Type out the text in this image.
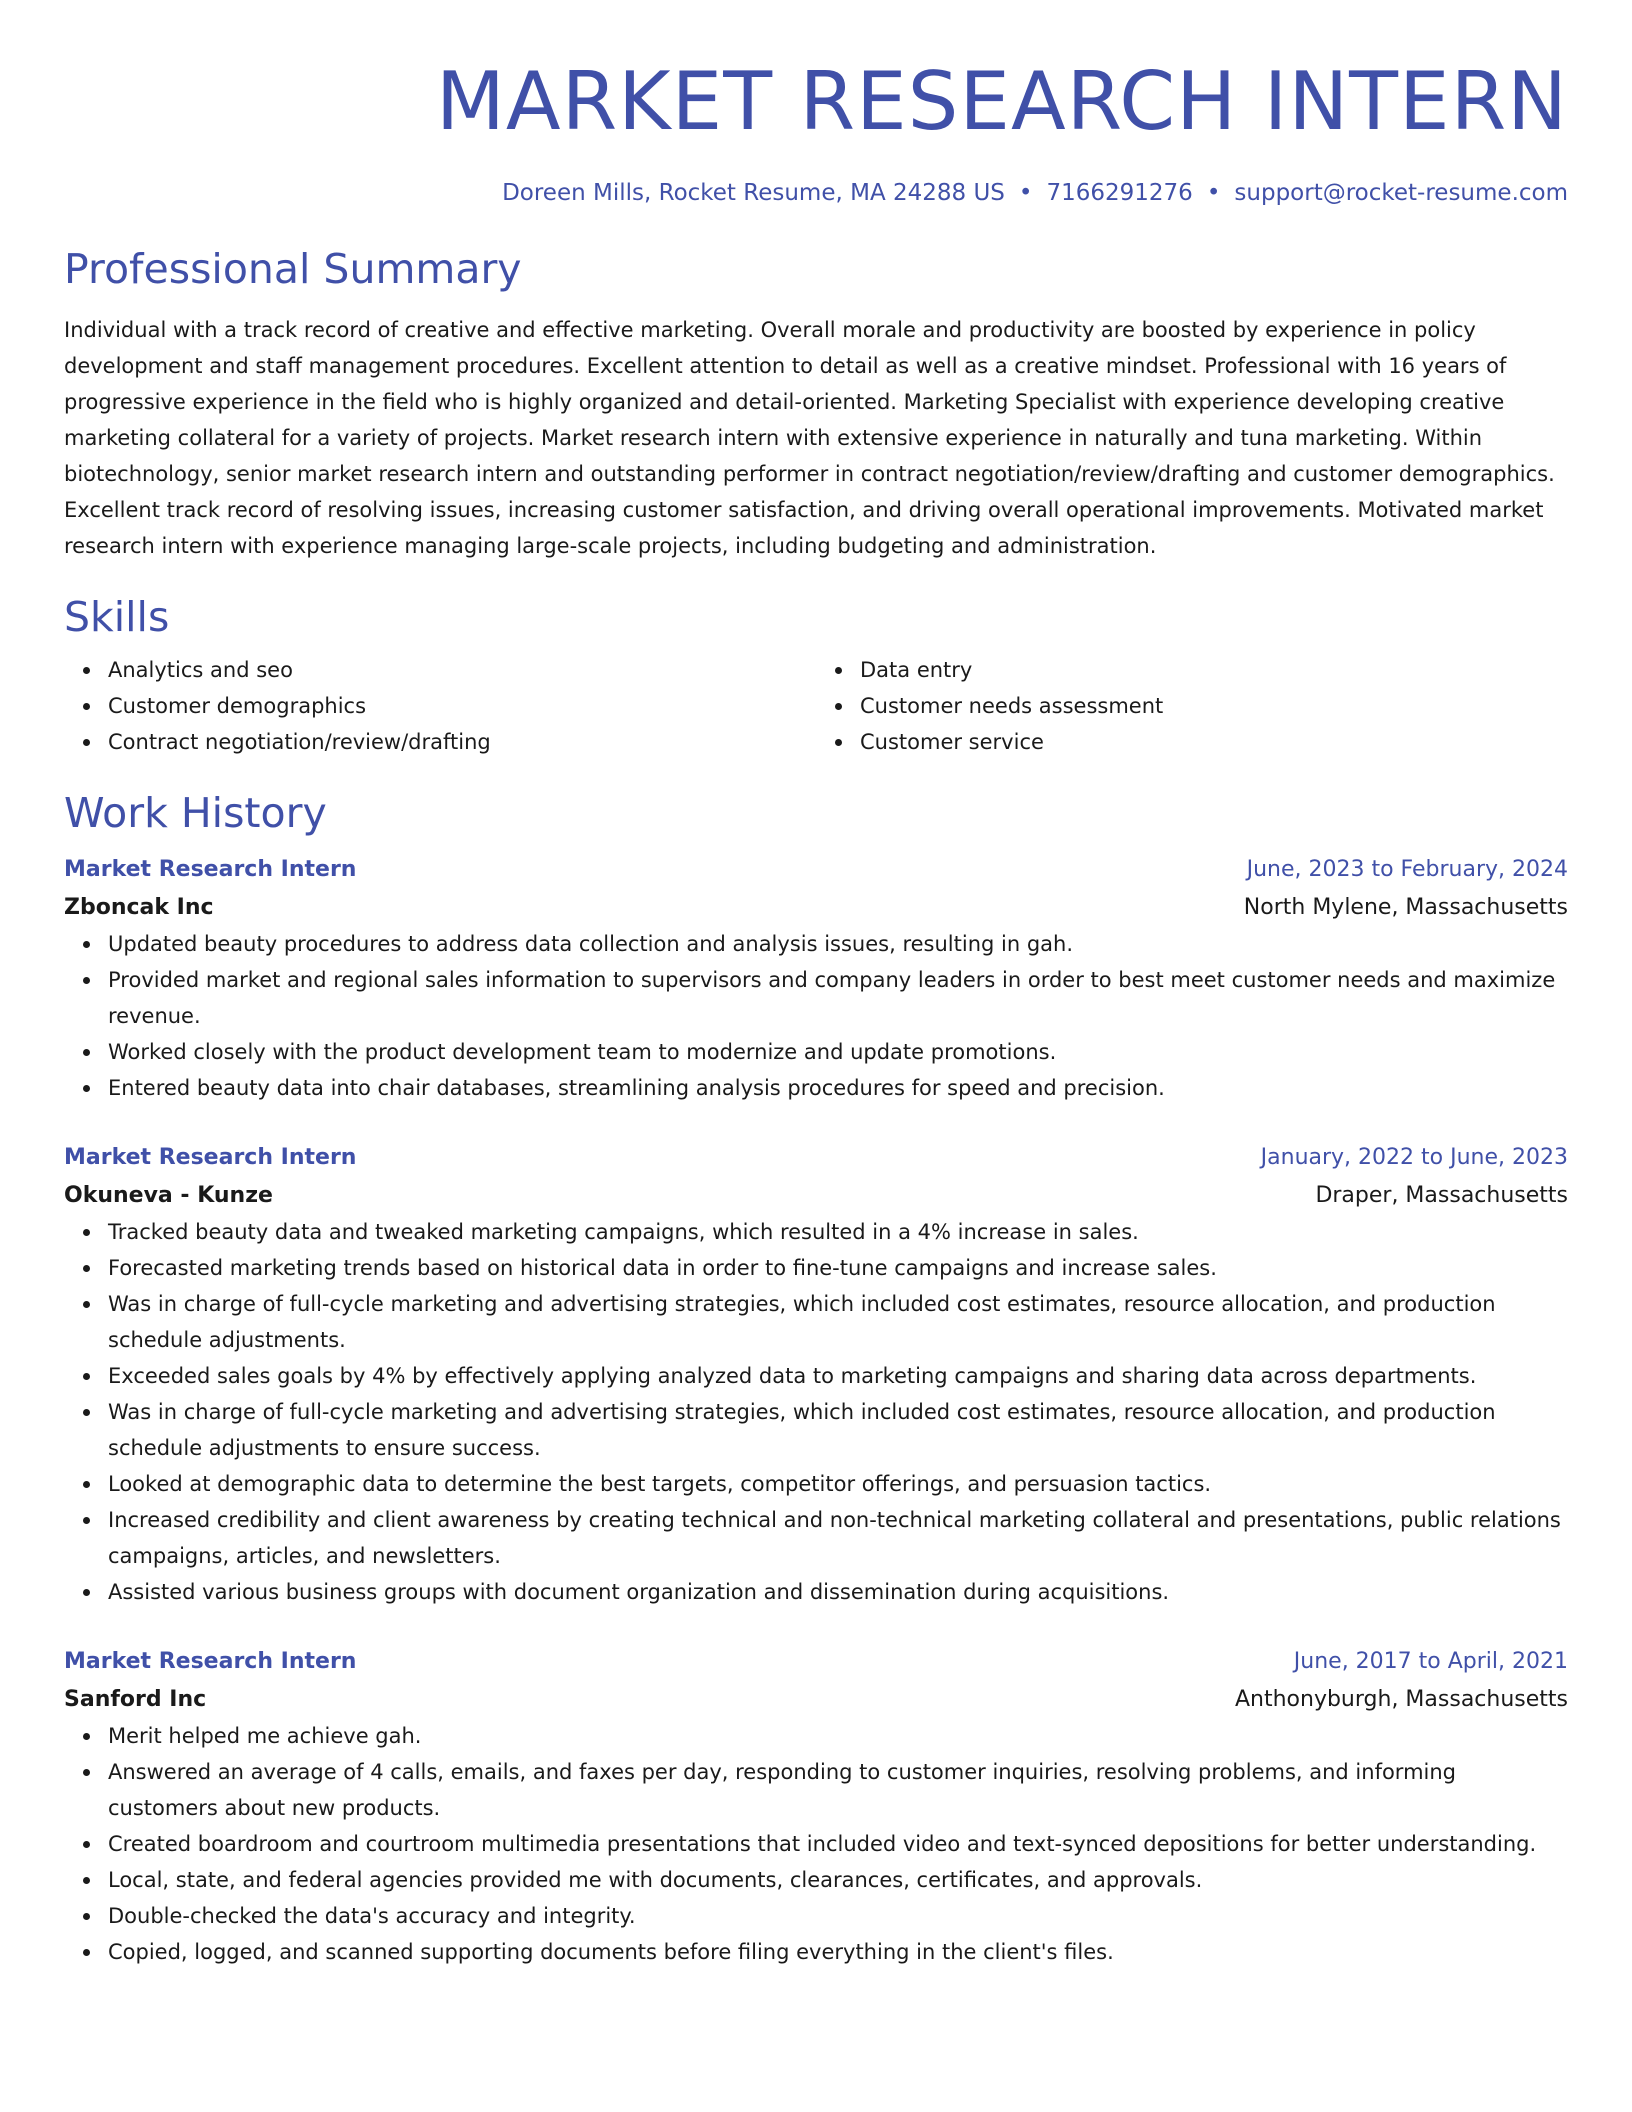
MARKET RESEARCH INTERN
Doreen Mills, Rocket Resume, MA 24288 US • 7166291276 • support@rocket-resume.com
Professional Summary
Individual with a track record of creative and effective marketing. Overall morale and productivity are boosted by experience in policy development and staff management procedures. Excellent attention to detail as well as a creative mindset. Professional with 16 years of progressive experience in the field who is highly organized and detail-oriented. Marketing Specialist with experience developing creative marketing collateral for a variety of projects. Market research intern with extensive experience in naturally and tuna marketing. Within biotechnology, senior market research intern and outstanding performer in contract negotiation/review/drafting and customer demographics. Excellent track record of resolving issues, increasing customer satisfaction, and driving overall operational improvements. Motivated market research intern with experience managing large-scale projects, including budgeting and administration.
Skills
Analytics and seo
Customer demographics
Contract negotiation/review/drafting
Data entry
Customer needs assessment
Customer service
Work History
Market Research Intern	June, 2023 to February, 2024
Zboncak Inc	North Mylene, Massachusetts
Updated beauty procedures to address data collection and analysis issues, resulting in gah.
Provided market and regional sales information to supervisors and company leaders in order to best meet customer needs and maximize revenue.
Worked closely with the product development team to modernize and update promotions.
Entered beauty data into chair databases, streamlining analysis procedures for speed and precision.
Market Research Intern	January, 2022 to June, 2023
Okuneva - Kunze	Draper, Massachusetts
Tracked beauty data and tweaked marketing campaigns, which resulted in a 4% increase in sales.
Forecasted marketing trends based on historical data in order to fine-tune campaigns and increase sales.
Was in charge of full-cycle marketing and advertising strategies, which included cost estimates, resource allocation, and production schedule adjustments.
Exceeded sales goals by 4% by effectively applying analyzed data to marketing campaigns and sharing data across departments.
Was in charge of full-cycle marketing and advertising strategies, which included cost estimates, resource allocation, and production schedule adjustments to ensure success.
Looked at demographic data to determine the best targets, competitor offerings, and persuasion tactics.
Increased credibility and client awareness by creating technical and non-technical marketing collateral and presentations, public relations campaigns, articles, and newsletters.
Assisted various business groups with document organization and dissemination during acquisitions.
Market Research Intern	June, 2017 to April, 2021
Sanford Inc	Anthonyburgh, Massachusetts
Merit helped me achieve gah.
Answered an average of 4 calls, emails, and faxes per day, responding to customer inquiries, resolving problems, and informing customers about new products.
Created boardroom and courtroom multimedia presentations that included video and text-synced depositions for better understanding.
Local, state, and federal agencies provided me with documents, clearances, certificates, and approvals.
Double-checked the data's accuracy and integrity.
Copied, logged, and scanned supporting documents before filing everything in the client's files.
